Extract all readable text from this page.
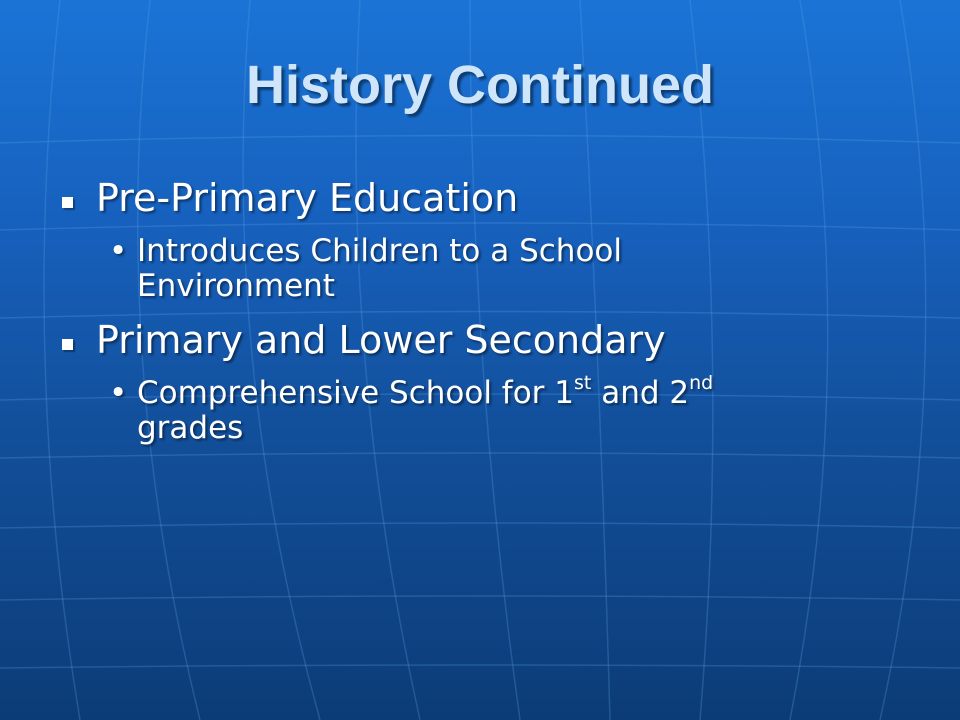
History Continued
Pre-Primary Education
• Introduces Children to a School Environment
Primary and Lower Secondary
• Comprehensive School for 1st and 2nd grades
